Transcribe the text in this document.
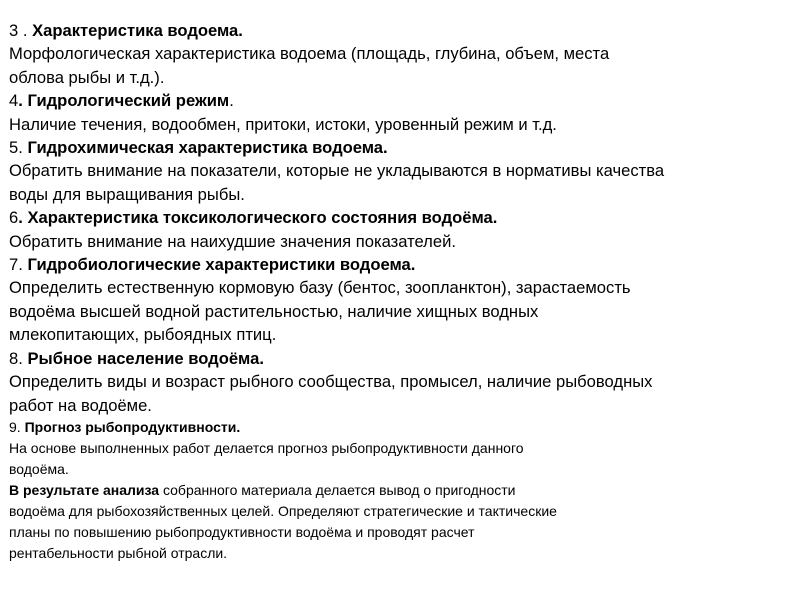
3 . Характеристика водоема.
Морфологическая характеристика водоема (площадь, глубина, объем, места
облова рыбы и т.д.).
4. Гидрологический режим.
Наличие течения, водообмен, притоки, истоки, уровенный режим и т.д.
5. Гидрохимическая характеристика водоема.
Обратить внимание на показатели, которые не укладываются в нормативы качества
воды для выращивания рыбы.
6. Характеристика токсикологического состояния водоёма.
Обратить внимание на наихудшие значения показателей.
7. Гидробиологические характеристики водоема.
Определить естественную кормовую базу (бентос, зоопланктон), зарастаемость
водоёма высшей водной растительностью, наличие хищных водных
млекопитающих, рыбоядных птиц.
8. Рыбное население водоёма.
Определить виды и возраст рыбного сообщества, промысел, наличие рыбоводных
работ на водоёме.
9. Прогноз рыбопродуктивности.
На основе выполненных работ делается прогноз рыбопродуктивности данного
водоёма.
В результате анализа собранного материала делается вывод о пригодности
водоёма для рыбохозяйственных целей. Определяют стратегические и тактические
планы по повышению рыбопродуктивности водоёма и проводят расчет
рентабельности рыбной отрасли.
